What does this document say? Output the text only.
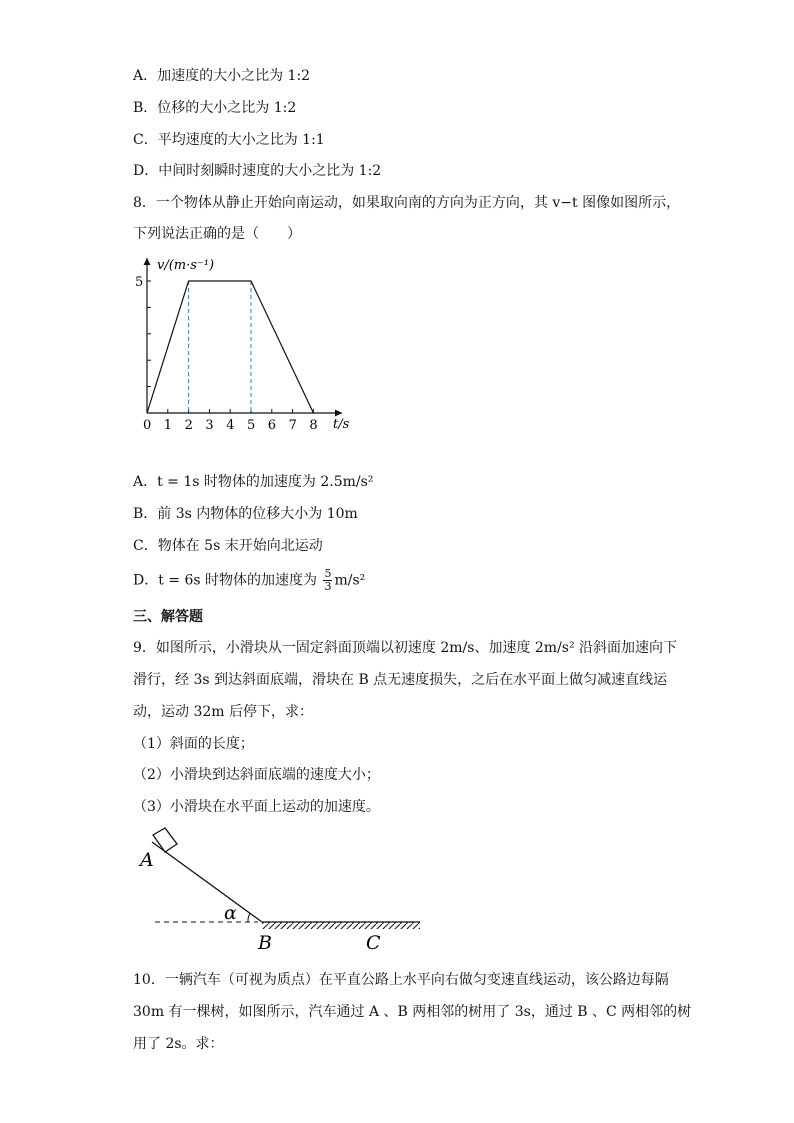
A．加速度的大小之比为 1:2
B．位移的大小之比为 1:2
C．平均速度的大小之比为 1:1
D．中间时刻瞬时速度的大小之比为 1:2
8．一个物体从静止开始向南运动，如果取向南的方向为正方向，其 v−t 图像如图所示，
下列说法正确的是（　　）
5
0 1 2 3 4 5 6 7 8
v/(m·s⁻¹)
t/s
A．t = 1s 时物体的加速度为 2.5m/s²
B．前 3s 内物体的位移大小为 10m
C．物体在 5s 末开始向北运动
D．t = 6s 时物体的加速度为 $\frac{5}{3} m/s^2$
三、解答题
9．如图所示，小滑块从一固定斜面顶端以初速度 2m/s、加速度 2m/s² 沿斜面加速向下
滑行，经 3s 到达斜面底端，滑块在 B 点无速度损失，之后在水平面上做匀减速直线运
动，运动 32m 后停下，求：
（1）斜面的长度；
（2）小滑块到达斜面底端的速度大小；
（3）小滑块在水平面上运动的加速度。
A
α
B	C
10．一辆汽车（可视为质点）在平直公路上水平向右做匀变速直线运动，该公路边每隔
30m 有一棵树，如图所示，汽车通过 A 、B 两相邻的树用了 3s，通过 B 、C 两相邻的树
用了 2s。求：
